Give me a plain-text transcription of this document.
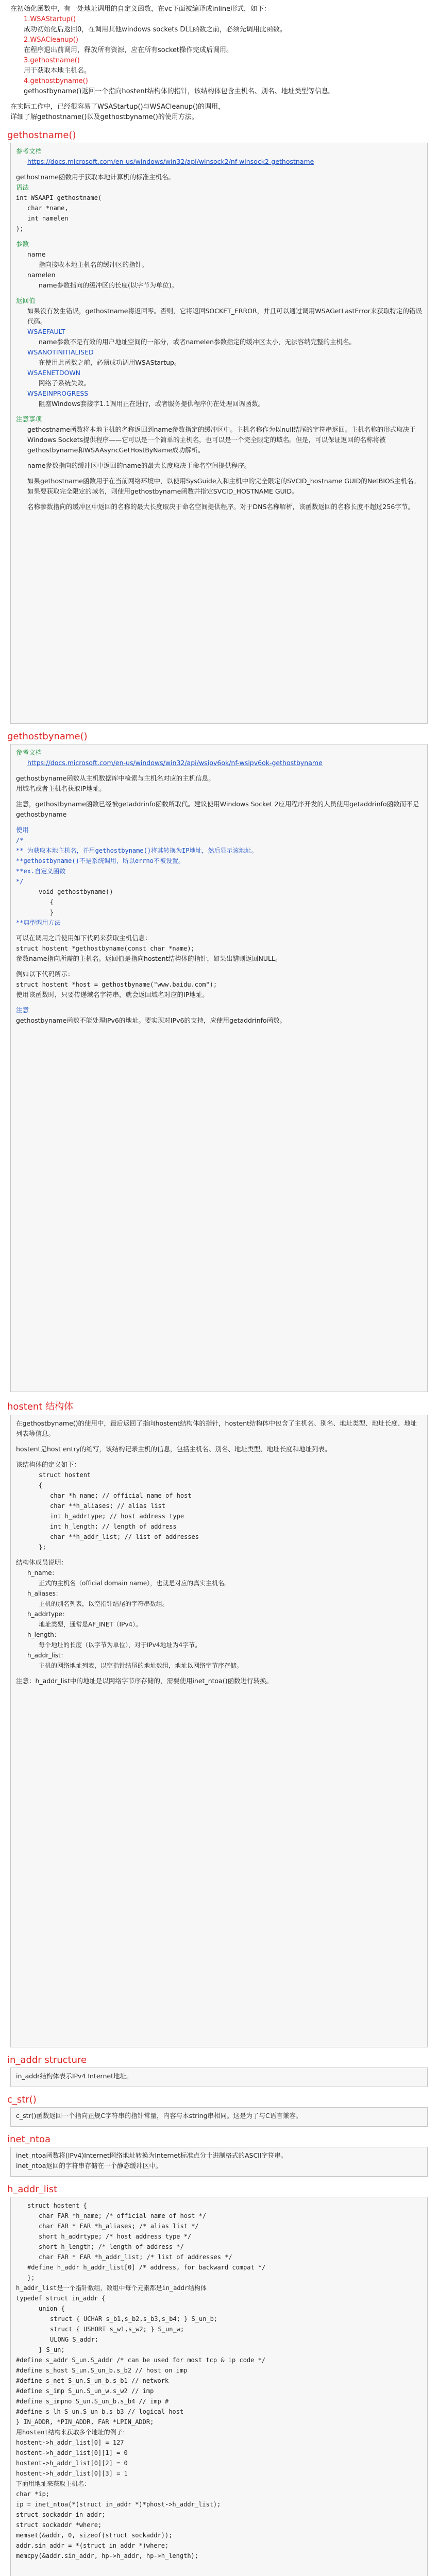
在初始化函数中，有一处地址调用的自定义函数，在vc下面被编译成inline形式，如下：

1.WSAStartup()

成功初始化后返回0，在调用其他windows sockets DLL函数之前，必须先调用此函数。

2.WSACleanup()

在程序退出前调用，释放所有资源，应在所有socket操作完成后调用。

3.gethostname()

用于获取本地主机名。

4.gethostbyname()

gethostbyname()返回一个指向hostent结构体的指针，该结构体包含主机名、别名、地址类型等信息。

在实际工作中，已经很容易了WSAStartup()与WSACleanup()的调用，

详细了解gethostname()以及gethostbyname()的使用方法。

gethostname()

参考文档

https://docs.microsoft.com/en-us/windows/win32/api/winsock2/nf-winsock2-gethostname

gethostname函数用于获取本地计算机的标准主机名。

语法

int WSAAPI gethostname(

char *name,

int namelen

);

参数

name

指向接收本地主机名的缓冲区的指针。

namelen

name参数指向的缓冲区的长度(以字节为单位)。

返回值

如果没有发生错误，gethostname将返回零。否则，它将返回SOCKET_ERROR，并且可以通过调用WSAGetLastError来获取特定的错误代码。

WSAEFAULT

name参数不是有效的用户地址空间的一部分，或者namelen参数指定的缓冲区太小，无法容纳完整的主机名。

WSANOTINITIALISED

在使用此函数之前，必须成功调用WSAStartup。

WSAENETDOWN

网络子系统失败。

WSAEINPROGRESS

阻塞Windows套接字1.1调用正在进行，或者服务提供程序仍在处理回调函数。

注意事项

gethostname函数将本地主机的名称返回到name参数指定的缓冲区中。主机名称作为以null结尾的字符串返回。主机名称的形式取决于Windows Sockets提供程序——它可以是一个简单的主机名，也可以是一个完全限定的域名。但是，可以保证返回的名称将被gethostbyname和WSAAsyncGetHostByName成功解析。

name参数指向的缓冲区中返回的name的最大长度取决于命名空间提供程序。

如果gethostname函数用于在当前网络环境中，以使用SysGuide入和主机中的完全限定的SVCID_hostname GUID的NetBIOS主机名。如果要获取完全限定的域名，则使用gethostbyname函数并指定SVCID_HOSTNAME GUID。

名称参数指向的缓冲区中返回的名称的最大长度取决于命名空间提供程序。对于DNS名称解析，该函数返回的名称长度不超过256字节。

gethostbyname()

参考文档

https://docs.microsoft.com/en-us/windows/win32/api/wsipv6ok/nf-wsipv6ok-gethostbyname

gethostbyname函数从主机数据库中检索与主机名对应的主机信息。

用域名或者主机名获取IP地址。

注意，gethostbyname函数已经被getaddrinfo函数所取代。建议使用Windows Socket 2应用程序开发的人员使用getaddrinfo函数而不是gethostbyname

使用

/*

** 为获取本地主机名，并用gethostbyname()将其转换为IP地址，然后显示该地址。

**gethostbyname()不是系统调用，所以errno不被设置。

**ex.自定义函数

*/

void gethostbyname()

{

}

**典型调用方法

可以在调用之后使用如下代码来获取主机信息：

struct hostent *gethostbyname(const char *name);

参数name指向所需的主机名。返回值是指向hostent结构体的指针，如果出错则返回NULL。

例如以下代码所示：

struct hostent *host = gethostbyname("www.baidu.com");

使用该函数时，只要传递域名字符串，就会返回域名对应的IP地址。

注意

gethostbyname函数不能处理IPv6的地址。要实现对IPv6的支持，应使用getaddrinfo函数。

hostent 结构体

在gethostbyname()的使用中，最后返回了指向hostent结构体的指针，hostent结构体中包含了主机名、别名、地址类型、地址长度、地址列表等信息。

hostent是host entry的缩写，该结构记录主机的信息，包括主机名、别名、地址类型、地址长度和地址列表。

该结构体的定义如下：

struct hostent

{

char *h_name; // official name of host

char **h_aliases; // alias list

int h_addrtype; // host address type

int h_length; // length of address

char **h_addr_list; // list of addresses

};

结构体成员说明：

h_name：

正式的主机名（official domain name），也就是对应的真实主机名。

h_aliases：

主机的别名列表，以空指针结尾的字符串数组。

h_addrtype：

地址类型，通常是AF_INET（IPv4）。

h_length：

每个地址的长度（以字节为单位），对于IPv4地址为4字节。

h_addr_list：

主机的网络地址列表，以空指针结尾的地址数组，地址以网络字节序存储。

注意：h_addr_list中的地址是以网络字节序存储的，需要使用inet_ntoa()函数进行转换。

in_addr structure

in_addr结构体表示IPv4 Internet地址。

c_str()

c_str()函数返回一个指向正规C字符串的指针常量，内容与本string串相同。这是为了与C语言兼容。

inet_ntoa

inet_ntoa函数将(IPv4)Internet网络地址转换为Internet标准点分十进制格式的ASCII字符串。

inet_ntoa返回的字符串存储在一个静态缓冲区中。

h_addr_list

struct hostent {

char FAR *h_name; /* official name of host */

char FAR * FAR *h_aliases; /* alias list */

short h_addrtype; /* host address type */

short h_length; /* length of address */

char FAR * FAR *h_addr_list; /* list of addresses */

#define h_addr h_addr_list[0] /* address, for backward compat */

};

h_addr_list是一个指针数组，数组中每个元素都是in_addr结构体

typedef struct in_addr {

union {

struct { UCHAR s_b1,s_b2,s_b3,s_b4; } S_un_b;

struct { USHORT s_w1,s_w2; } S_un_w;

ULONG S_addr;

} S_un;

#define s_addr S_un.S_addr /* can be used for most tcp & ip code */

#define s_host S_un.S_un_b.s_b2 // host on imp

#define s_net S_un.S_un_b.s_b1 // network

#define s_imp S_un.S_un_w.s_w2 // imp

#define s_impno S_un.S_un_b.s_b4 // imp #

#define s_lh S_un.S_un_b.s_b3 // logical host

} IN_ADDR, *PIN_ADDR, FAR *LPIN_ADDR;

用hostent结构来获取多个地址的例子：

hostent->h_addr_list[0] = 127

hostent->h_addr_list[0][1] = 0

hostent->h_addr_list[0][2] = 0

hostent->h_addr_list[0][3] = 1

下面用地址来获取主机名：

char *ip;

ip = inet_ntoa(*(struct in_addr *)*phost->h_addr_list);

struct sockaddr_in addr;

struct sockaddr *where;

memset(&addr, 0, sizeof(struct sockaddr));

addr.sin_addr = *(struct in_addr *)where;

memcpy(&addr.sin_addr, hp->h_addr, hp->h_length);
